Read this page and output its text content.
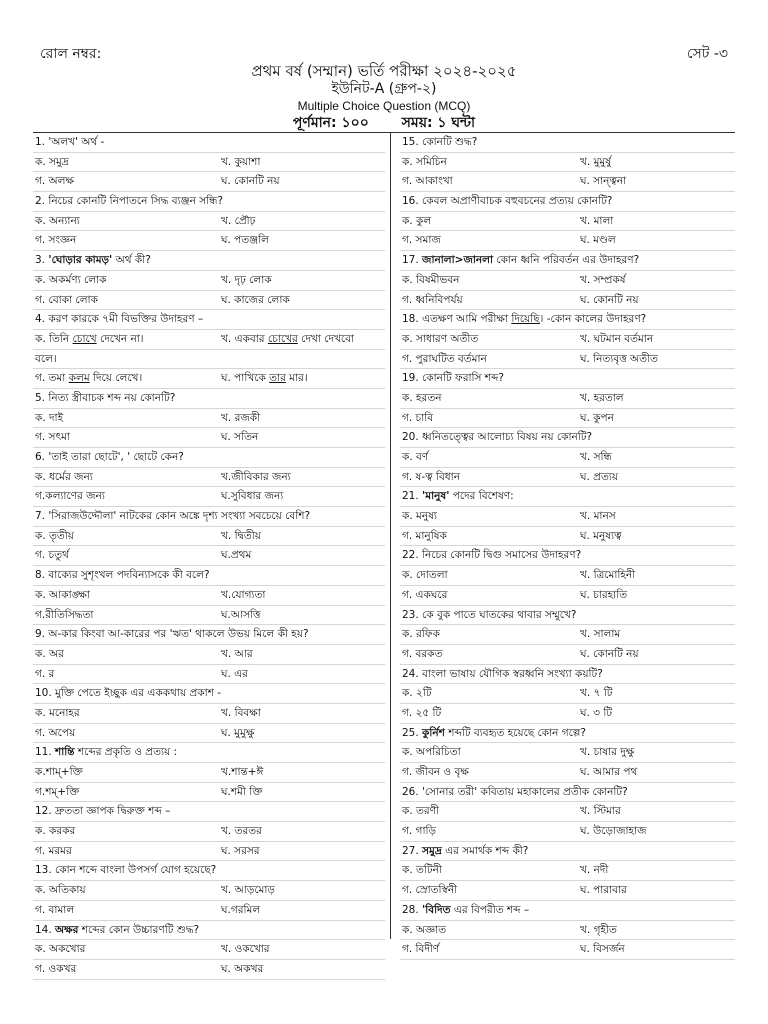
রোল নম্বর:	সেট -৩
প্রথম বর্ষ (সম্মান) ভর্তি পরীক্ষা ২০২৪-২০২৫
ইউনিট-A (গ্রুপ-২)
Multiple Choice Question (MCQ)
পূর্ণমান: ১০০ সময়: ১ ঘন্টা
1. 'অলখ' অর্থ -
ক. সমুদ্র	খ. কুয়াশা
গ. অলক্ষ	ঘ. কোনটি নয়
2. নিচের কোনটি নিপাতনে সিদ্ধ ব্যঞ্জন সন্ধি?
ক. অন্যান্য	খ. প্রৌঢ়
গ. সংজ্ঞন	ঘ. পতঞ্জলি
3. 'ঘোড়ার কামড়' অর্থ কী?
ক. অকর্মণ্য লোক	খ. দৃঢ় লোক
গ. বোকা লোক	ঘ. কাজের লোক
4. করণ কারকে ৭মী বিভক্তির উদাহরণ –
ক. তিনি চোখে দেখেন না।	খ. একবার চোখের দেখা দেখবো
বলে।
গ. তমা কলম দিয়ে লেখে।	ঘ. পাখিকে তার মার।
5. নিত্য স্ত্রীবাচক শব্দ নয় কোনটি?
ক. দাই	খ. রজকী
গ. সৎমা	ঘ. সতিন
6. 'তাই তারা ছোটে', ' ছোটে কেন?
ক. ধর্মের জন্য	খ.জীবিকার জন্য
গ.কল্যাণের জন্য	ঘ.সুবিধার জন্য
7. 'সিরাজউদ্দৌলা' নাটকের কোন অঙ্কে দৃশ্য সংখ্যা সবচেয়ে বেশি?
ক. তৃতীয়	খ. দ্বিতীয়
গ. চতুর্থ	ঘ.প্রথম
8. বাক্যের সুশৃংখল পদবিন্যাসকে কী বলে?
ক. আকাঙ্ক্ষা	খ.যোগ্যতা
গ.রীতিসিদ্ধতা	ঘ.আসত্তি
9. অ-কার কিংবা আ-কারের পর 'ঋত' থাকলে উভয় মিলে কী হয়?
ক. অর	খ. আর
গ. র	ঘ. এর
10. মুক্তি পেতে ইচ্ছুক এর এককথায় প্রকাশ -
ক. মনোহর	খ. বিবক্ষা
গ. অপেয়	ঘ. মুমুক্ষু
11. শান্তি শব্দের প্রকৃতি ও প্রত্যয় :
ক.শাম্+ক্তি	খ.শান্ত+ঈ
গ.শম্+ক্তি	ঘ.শমী ক্তি
12. দ্রুততা জ্ঞাপক দ্বিরুক্ত শব্দ –
ক. করকর	খ. তরতর
গ. মরমর	ঘ. সরসর
13. কোন শব্দে বাংলা উপসর্গ যোগ হয়েছে?
ক. অতিকায়	খ. আড়মোড়
গ. বামাল	ঘ.গরমিল
14. অক্ষর শব্দের কোন উচ্চারণটি শুদ্ধ?
ক. অকখোর	খ. ওকখোর
গ. ওকখর	ঘ. অকখর
15. কোনটি শুদ্ধ?
ক. সমিচিন	খ. মুমুর্ষু
গ. আকাংখা	ঘ. সান্ত্বনা
16. কেবল অপ্রাণীবাচক বহুবচনের প্রত্যয় কোনটি?
ক. কুল	খ. মালা
গ. সমাজ	ঘ. মণ্ডল
17. জানালা>জানলা কোন ধ্বনি পরিবর্তন এর উদাহরণ?
ক. বিষমীভবন	খ. সম্প্রকর্ষ
গ. ধ্বনিবিপর্যয়	ঘ. কোনটি নয়
18. এতক্ষণ আমি পরীক্ষা দিয়েছি। -কোন কালের উদাহরণ?
ক. সাধারণ অতীত	খ. ঘটমান বর্তমান
গ. পুরাঘটিত বর্তমান	ঘ. নিত্যবৃত্ত অতীত
19. কোনটি ফরাসি শব্দ?
ক. হরতন	খ. হরতাল
গ. চাবি	ঘ. কুপন
20. ধ্বনিতত্ত্বের আলোচ্য বিষয় নয় কোনটি?
ক. বর্ণ	খ. সন্ধি
গ. ষ-ত্ব বিধান	ঘ. প্রত্যয়
21. 'মানুষ' পদের বিশেষণ:
ক. মনুষ্য	খ. মানস
গ. মানুষিক	ঘ. মনুষ্যত্ব
22. নিচের কোনটি দ্বিগু সমাসের উদাহরণ?
ক. দোতলা	খ. ত্রিমোহিনী
গ. একঘরে	ঘ. চারহাতি
23. কে বুক পাতে ঘাতকের থাবার সম্মুখে?
ক. রফিক	খ. সালাম
গ. বরকত	ঘ. কোনটি নয়
24. বাংলা ভাষায় যৌগিক স্বরধ্বনি সংখ্যা কয়টি?
ক. ২টি	খ. ৭ টি
গ. ২৫ টি	ঘ. ৩ টি
25. কুর্নিশ শব্দটি ব্যবহৃত হয়েছে কোন গল্পে?
ক. অপরিচিতা	খ. চাষার দুক্ষু
গ. জীবন ও বৃক্ষ	ঘ. আমার পথ
26. 'সোনার তরী' কবিতায় মহাকালের প্রতীক কোনটি?
ক. তরণী	খ. স্টিমার
গ. গাড়ি	ঘ. উড়োজাহাজ
27. সমুদ্র এর সমার্থক শব্দ কী?
ক. তটিনী	খ. নদী
গ. স্রোতস্বিনী	ঘ. পারাবার
28. 'বিদিত এর বিপরীত শব্দ –
ক. অজ্ঞাত	খ. গৃহীত
গ. বিদীর্ণ	ঘ. বিসর্জন
